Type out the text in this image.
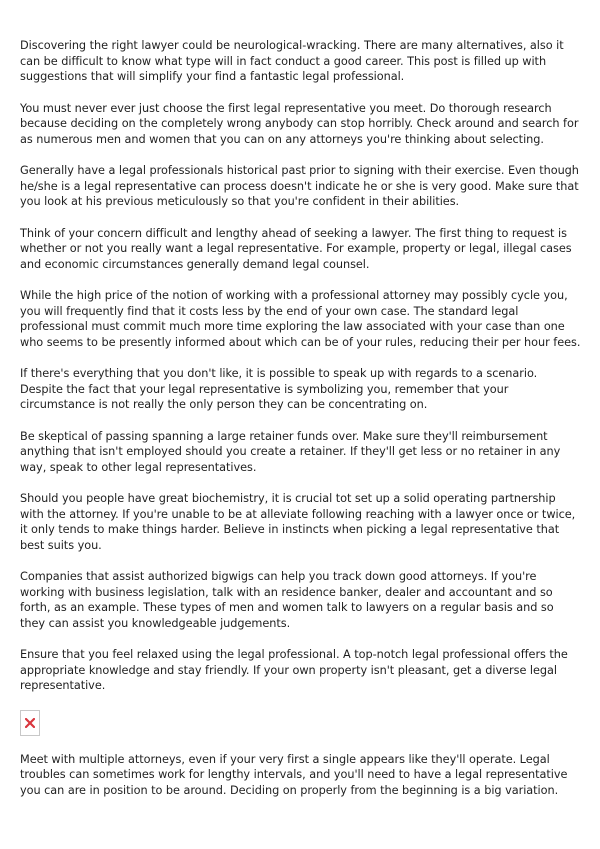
Discovering the right lawyer could be neurological-wracking. There are many alternatives, also it can be difficult to know what type will in fact conduct a good career. This post is filled up with suggestions that will simplify your find a fantastic legal professional.

You must never ever just choose the first legal representative you meet. Do thorough research because deciding on the completely wrong anybody can stop horribly. Check around and search for as numerous men and women that you can on any attorneys you're thinking about selecting.

Generally have a legal professionals historical past prior to signing with their exercise. Even though he/she is a legal representative can process doesn't indicate he or she is very good. Make sure that you look at his previous meticulously so that you're confident in their abilities.

Think of your concern difficult and lengthy ahead of seeking a lawyer. The first thing to request is whether or not you really want a legal representative. For example, property or legal, illegal cases and economic circumstances generally demand legal counsel.

While the high price of the notion of working with a professional attorney may possibly cycle you, you will frequently find that it costs less by the end of your own case. The standard legal professional must commit much more time exploring the law associated with your case than one who seems to be presently informed about which can be of your rules, reducing their per hour fees.

If there's everything that you don't like, it is possible to speak up with regards to a scenario. Despite the fact that your legal representative is symbolizing you, remember that your circumstance is not really the only person they can be concentrating on.

Be skeptical of passing spanning a large retainer funds over. Make sure they'll reimbursement anything that isn't employed should you create a retainer. If they'll get less or no retainer in any way, speak to other legal representatives.

Should you people have great biochemistry, it is crucial tot set up a solid operating partnership with the attorney. If you're unable to be at alleviate following reaching with a lawyer once or twice, it only tends to make things harder. Believe in instincts when picking a legal representative that best suits you.

Companies that assist authorized bigwigs can help you track down good attorneys. If you're working with business legislation, talk with an residence banker, dealer and accountant and so forth, as an example. These types of men and women talk to lawyers on a regular basis and so they can assist you knowledgeable judgements.

Ensure that you feel relaxed using the legal professional. A top-notch legal professional offers the appropriate knowledge and stay friendly. If your own property isn't pleasant, get a diverse legal representative.

Meet with multiple attorneys, even if your very first a single appears like they'll operate. Legal troubles can sometimes work for lengthy intervals, and you'll need to have a legal representative you can are in position to be around. Deciding on properly from the beginning is a big variation.
